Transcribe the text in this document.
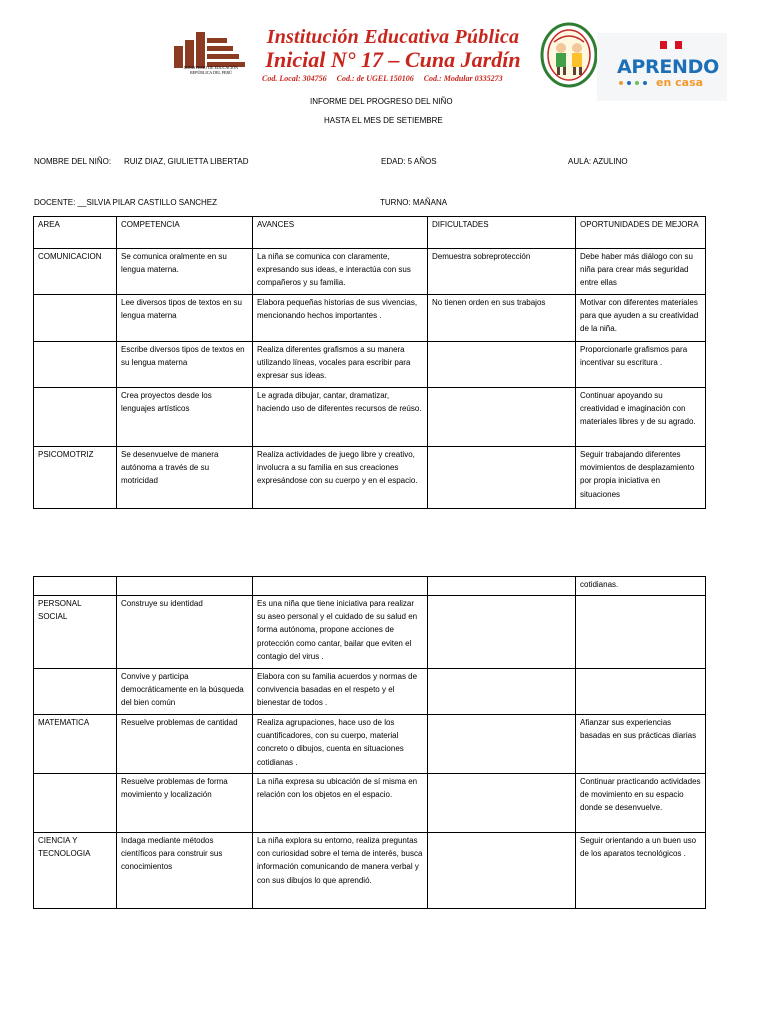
MINISTERIO DE EDUCACIÓN
REPÚBLICA DEL PERÚ
Institución Educativa Pública
Inicial N° 17 – Cuna Jardín
Cod. Local: 304756 Cod.: de UGEL 150106 Cod.: Modular 0335273
APRENDO
en casa
INFORME DEL PROGRESO DEL NIÑO
HASTA EL MES DE SETIEMBRE
NOMBRE DEL NIÑO: RUIZ DIAZ, GIULIETTA LIBERTAD	EDAD: 5 AÑOS	AULA: AZULINO
DOCENTE: __SILVIA PILAR CASTILLO SANCHEZ	TURNO: MAÑANA
AREA	COMPETENCIA	AVANCES	DIFICULTADES	OPORTUNIDADES DE MEJORA
COMUNICACION	Se comunica oralmente en su lengua materna.	La niña se comunica con claramente, expresando sus ideas, e interactúa con sus compañeros y su familia.	Demuestra sobreprotección	Debe haber más diálogo con su niña para crear más seguridad entre ellas
	Lee diversos tipos de textos en su lengua materna	Elabora pequeñas historias de sus vivencias, mencionando hechos importantes .	No tienen orden en sus trabajos	Motivar con diferentes materiales para que ayuden a su creatividad de la niña.
	Escribe diversos tipos de textos en su lengua materna	Realiza diferentes grafismos a su manera utilizando líneas, vocales para escribir para expresar sus ideas.		Proporcionarle grafismos para incentivar su escritura .
	Crea proyectos desde los lenguajes artísticos	Le agrada dibujar, cantar, dramatizar, haciendo uso de diferentes recursos de reúso.		Continuar apoyando su creatividad e imaginación con materiales libres y de su agrado.
PSICOMOTRIZ	Se desenvuelve de manera autónoma a través de su motricidad	Realiza actividades de juego libre y creativo, involucra a su familia en sus creaciones expresándose con su cuerpo y en el espacio.		Seguir trabajando diferentes movimientos de desplazamiento por propia iniciativa en situaciones
				cotidianas.
PERSONAL SOCIAL	Construye su identidad	Es una niña que tiene iniciativa para realizar su aseo personal y el cuidado de su salud en forma autónoma, propone acciones de protección como cantar, bailar que eviten el contagio del virus .		
	Convive y participa democráticamente en la búsqueda del bien común	Elabora con su familia acuerdos y normas de convivencia basadas en el respeto y el bienestar de todos .		
MATEMATICA	Resuelve problemas de cantidad	Realiza agrupaciones, hace uso de los cuantificadores, con su cuerpo, material concreto o dibujos, cuenta en situaciones cotidianas .		Afianzar sus experiencias basadas en sus prácticas diarias
	Resuelve problemas de forma movimiento y localización	La niña expresa su ubicación de sí misma en relación con los objetos en el espacio.		Continuar practicando actividades de movimiento en su espacio donde se desenvuelve.
CIENCIA Y TECNOLOGIA	Indaga mediante métodos científicos para construir sus conocimientos	La niña explora su entorno, realiza preguntas con curiosidad sobre el tema de interés, busca información comunicando de manera verbal y con sus dibujos lo que aprendió.		Seguir orientando a un buen uso de los aparatos tecnológicos .
